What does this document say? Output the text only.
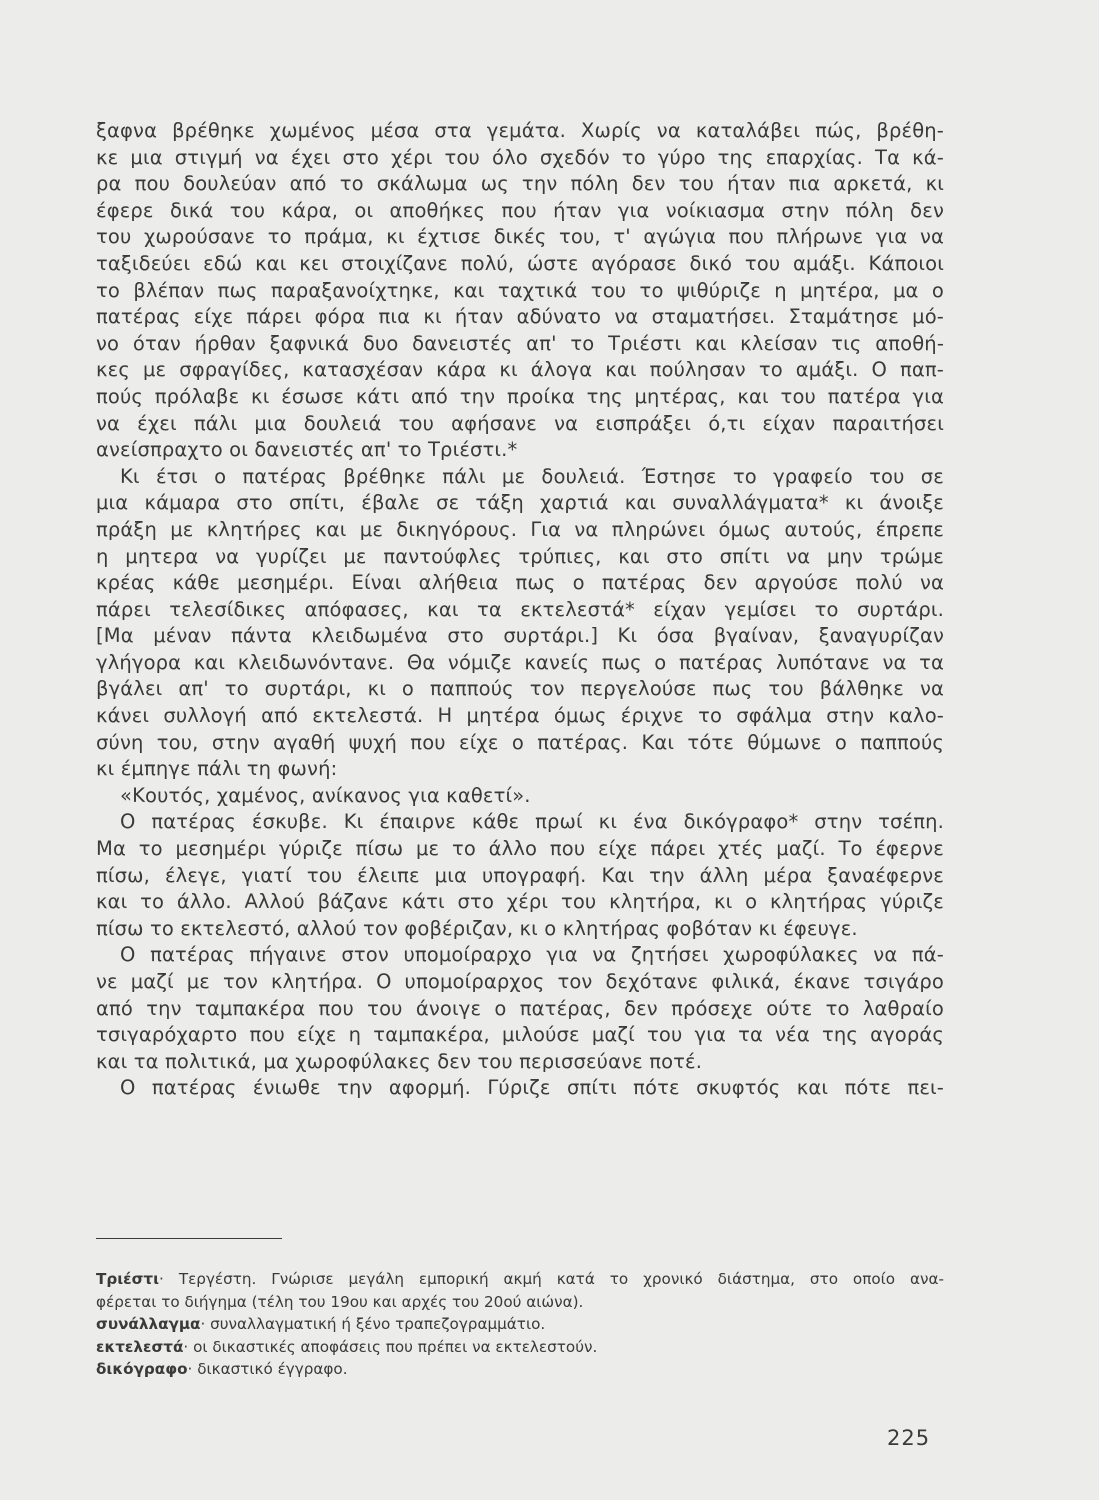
ξαφνα βρέθηκε χωμένος μέσα στα γεμάτα. Χωρίς να καταλάβει πώς, βρέθη-
κε μια στιγμή να έχει στο χέρι του όλο σχεδόν το γύρο της επαρχίας. Τα κά-
ρα που δουλεύαν από το σκάλωμα ως την πόλη δεν του ήταν πια αρκετά, κι
έφερε δικά του κάρα, οι αποθήκες που ήταν για νοίκιασμα στην πόλη δεν
του χωρούσανε το πράμα, κι έχτισε δικές του, τ' αγώγια που πλήρωνε για να
ταξιδεύει εδώ και κει στοιχίζανε πολύ, ώστε αγόρασε δικό του αμάξι. Κάποιοι
το βλέπαν πως παραξανοίχτηκε, και ταχτικά του το ψιθύριζε η μητέρα, μα ο
πατέρας είχε πάρει φόρα πια κι ήταν αδύνατο να σταματήσει. Σταμάτησε μό-
νο όταν ήρθαν ξαφνικά δυο δανειστές απ' το Τριέστι και κλείσαν τις αποθή-
κες με σφραγίδες, κατασχέσαν κάρα κι άλογα και πούλησαν το αμάξι. Ο παπ-
πούς πρόλαβε κι έσωσε κάτι από την προίκα της μητέρας, και του πατέρα για
να έχει πάλι μια δουλειά του αφήσανε να εισπράξει ό,τι είχαν παραιτήσει
ανείσπραχτο οι δανειστές απ' το Τριέστι.*
Κι έτσι ο πατέρας βρέθηκε πάλι με δουλειά. Έστησε το γραφείο του σε
μια κάμαρα στο σπίτι, έβαλε σε τάξη χαρτιά και συναλλάγματα* κι άνοιξε
πράξη με κλητήρες και με δικηγόρους. Για να πληρώνει όμως αυτούς, έπρεπε
η μητερα να γυρίζει με παντούφλες τρύπιες, και στο σπίτι να μην τρώμε
κρέας κάθε μεσημέρι. Είναι αλήθεια πως ο πατέρας δεν αργούσε πολύ να
πάρει τελεσίδικες απόφασες, και τα εκτελεστά* είχαν γεμίσει το συρτάρι.
[Μα μέναν πάντα κλειδωμένα στο συρτάρι.] Κι όσα βγαίναν, ξαναγυρίζαν
γλήγορα και κλειδωνόντανε. Θα νόμιζε κανείς πως ο πατέρας λυπότανε να τα
βγάλει απ' το συρτάρι, κι ο παππούς τον περγελούσε πως του βάλθηκε να
κάνει συλλογή από εκτελεστά. Η μητέρα όμως έριχνε το σφάλμα στην καλο-
σύνη του, στην αγαθή ψυχή που είχε ο πατέρας. Και τότε θύμωνε ο παππούς
κι έμπηγε πάλι τη φωνή:
«Κουτός, χαμένος, ανίκανος για καθετί».
Ο πατέρας έσκυβε. Κι έπαιρνε κάθε πρωί κι ένα δικόγραφο* στην τσέπη.
Μα το μεσημέρι γύριζε πίσω με το άλλο που είχε πάρει χτές μαζί. Το έφερνε
πίσω, έλεγε, γιατί του έλειπε μια υπογραφή. Και την άλλη μέρα ξαναέφερνε
και το άλλο. Αλλού βάζανε κάτι στο χέρι του κλητήρα, κι ο κλητήρας γύριζε
πίσω το εκτελεστό, αλλού τον φοβέριζαν, κι ο κλητήρας φοβόταν κι έφευγε.
Ο πατέρας πήγαινε στον υπομοίραρχο για να ζητήσει χωροφύλακες να πά-
νε μαζί με τον κλητήρα. Ο υπομοίραρχος τον δεχότανε φιλικά, έκανε τσιγάρο
από την ταμπακέρα που του άνοιγε ο πατέρας, δεν πρόσεχε ούτε το λαθραίο
τσιγαρόχαρτο που είχε η ταμπακέρα, μιλούσε μαζί του για τα νέα της αγοράς
και τα πολιτικά, μα χωροφύλακες δεν του περισσεύανε ποτέ.
Ο πατέρας ένιωθε την αφορμή. Γύριζε σπίτι πότε σκυφτός και πότε πει-
Τριέστι· Τεργέστη. Γνώρισε μεγάλη εμπορική ακμή κατά το χρονικό διάστημα, στο οποίο ανα-
φέρεται το διήγημα (τέλη του 19ου και αρχές του 20ού αιώνα).
συνάλλαγμα· συναλλαγματική ή ξένο τραπεζογραμμάτιο.
εκτελεστά· οι δικαστικές αποφάσεις που πρέπει να εκτελεστούν.
δικόγραφο· δικαστικό έγγραφο.
225
